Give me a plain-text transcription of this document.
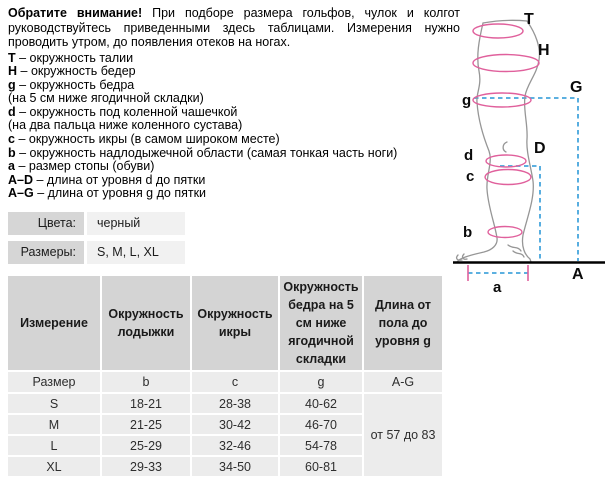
Обратите внимание! При подборе размера гольфов, чулок и колгот руководствуйтесь приведенными здесь таблицами. Измерения нужно проводить утром, до появления отеков на ногах.

T – окружность талии
H – окружность бедер
g – окружность бедра
(на 5 см ниже ягодичной складки)
d – окружность под коленной чашечкой
(на два пальца ниже коленного сустава)
c – окружность икры (в самом широком месте)
b – окружность надлодыжечной области (самая тонкая часть ноги)
a – размер стопы (обуви)
A–D – длина от уровня d до пятки
A–G – длина от уровня g до пятки
T
H
G
g
D
d
c
b
A
a
Цвета:	черный
Размеры:	S, M, L, XL
Измерение	Окружность лодыжки	Окружность икры	Окружность бедра на 5 см ниже ягодичной складки	Длина от пола до уровня g
Размер	b	c	g	A-G
S	18-21	28-38	40-62	от 57 до 83
M	21-25	30-42	46-70	
L	25-29	32-46	54-78	
XL	29-33	34-50	60-81	
